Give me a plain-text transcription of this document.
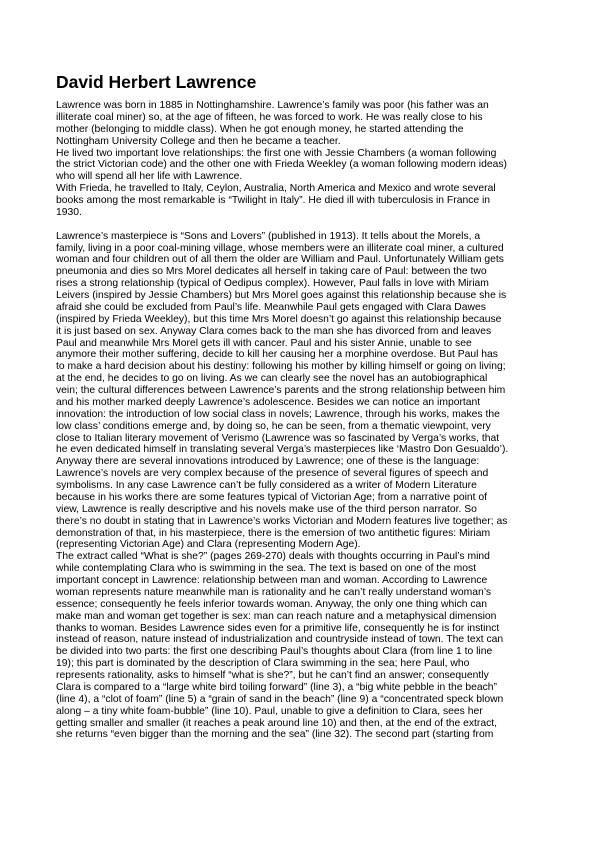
David Herbert Lawrence
Lawrence was born in 1885 in Nottinghamshire. Lawrence’s family was poor (his father was an
illiterate coal miner) so, at the age of fifteen, he was forced to work. He was really close to his
mother (belonging to middle class). When he got enough money, he started attending the
Nottingham University College and then he became a teacher.
He lived two important love relationships: the first one with Jessie Chambers (a woman following
the strict Victorian code) and the other one with Frieda Weekley (a woman following modern ideas)
who will spend all her life with Lawrence.
With Frieda, he travelled to Italy, Ceylon, Australia, North America and Mexico and wrote several
books among the most remarkable is “Twilight in Italy”. He died ill with tuberculosis in France in
1930.
Lawrence’s masterpiece is “Sons and Lovers” (published in 1913). It tells about the Morels, a
family, living in a poor coal-mining village, whose members were an illiterate coal miner, a cultured
woman and four children out of all them the older are William and Paul. Unfortunately William gets
pneumonia and dies so Mrs Morel dedicates all herself in taking care of Paul: between the two
rises a strong relationship (typical of Oedipus complex). However, Paul falls in love with Miriam
Leivers (inspired by Jessie Chambers) but Mrs Morel goes against this relationship because she is
afraid she could be excluded from Paul’s life. Meanwhile Paul gets engaged with Clara Dawes
(inspired by Frieda Weekley), but this time Mrs Morel doesn’t go against this relationship because
it is just based on sex. Anyway Clara comes back to the man she has divorced from and leaves
Paul and meanwhile Mrs Morel gets ill with cancer. Paul and his sister Annie, unable to see
anymore their mother suffering, decide to kill her causing her a morphine overdose. But Paul has
to make a hard decision about his destiny: following his mother by killing himself or going on living;
at the end, he decides to go on living. As we can clearly see the novel has an autobiographical
vein; the cultural differences between Lawrence’s parents and the strong relationship between him
and his mother marked deeply Lawrence’s adolescence. Besides we can notice an important
innovation: the introduction of low social class in novels; Lawrence, through his works, makes the
low class’ conditions emerge and, by doing so, he can be seen, from a thematic viewpoint, very
close to Italian literary movement of Verismo (Lawrence was so fascinated by Verga’s works, that
he even dedicated himself in translating several Verga’s masterpieces like ‘Mastro Don Gesualdo’).
Anyway there are several innovations introduced by Lawrence; one of these is the language:
Lawrence’s novels are very complex because of the presence of several figures of speech and
symbolisms. In any case Lawrence can’t be fully considered as a writer of Modern Literature
because in his works there are some features typical of Victorian Age; from a narrative point of
view, Lawrence is really descriptive and his novels make use of the third person narrator. So
there’s no doubt in stating that in Lawrence’s works Victorian and Modern features live together; as
demonstration of that, in his masterpiece, there is the emersion of two antithetic figures: Miriam
(representing Victorian Age) and Clara (representing Modern Age).
The extract called “What is she?” (pages 269-270) deals with thoughts occurring in Paul’s mind
while contemplating Clara who is swimming in the sea. The text is based on one of the most
important concept in Lawrence: relationship between man and woman. According to Lawrence
woman represents nature meanwhile man is rationality and he can’t really understand woman’s
essence; consequently he feels inferior towards woman. Anyway, the only one thing which can
make man and woman get together is sex: man can reach nature and a metaphysical dimension
thanks to woman. Besides Lawrence sides even for a primitive life, consequently he is for instinct
instead of reason, nature instead of industrialization and countryside instead of town. The text can
be divided into two parts: the first one describing Paul’s thoughts about Clara (from line 1 to line
19); this part is dominated by the description of Clara swimming in the sea; here Paul, who
represents rationality, asks to himself “what is she?”, but he can’t find an answer; consequently
Clara is compared to a “large white bird toiling forward” (line 3), a “big white pebble in the beach”
(line 4), a “clot of foam” (line 5) a “grain of sand in the beach” (line 9) a “concentrated speck blown
along – a tiny white foam-bubble” (line 10). Paul, unable to give a definition to Clara, sees her
getting smaller and smaller (it reaches a peak around line 10) and then, at the end of the extract,
she returns “even bigger than the morning and the sea” (line 32). The second part (starting from
